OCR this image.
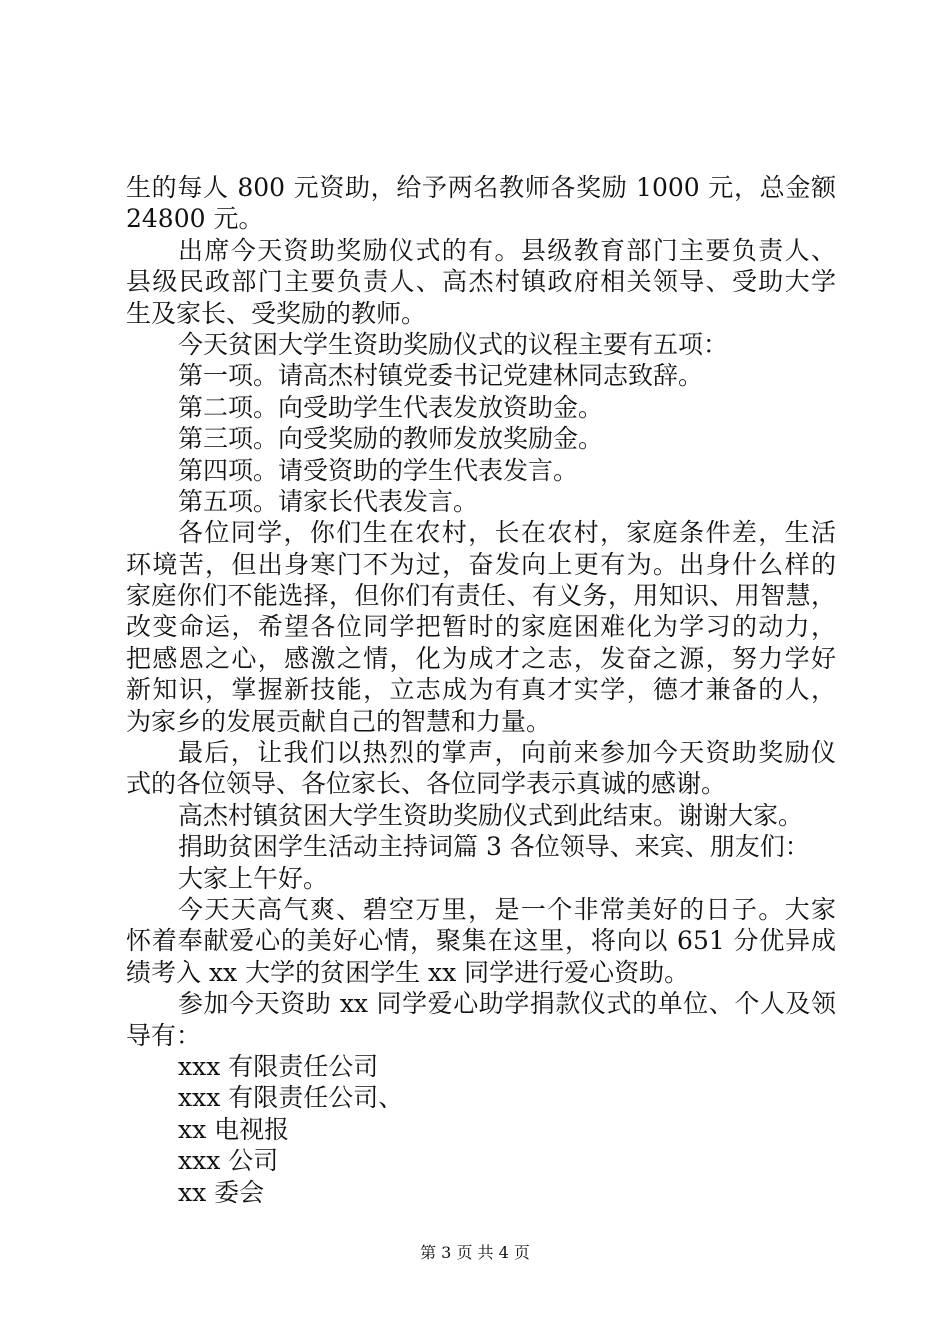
生的每人 800 元资助，给予两名教师各奖励 1000 元，总金额
24800 元。
出席今天资助奖励仪式的有。县级教育部门主要负责人、
县级民政部门主要负责人、高杰村镇政府相关领导、受助大学
生及家长、受奖励的教师。
今天贫困大学生资助奖励仪式的议程主要有五项：
第一项。请高杰村镇党委书记党建林同志致辞。
第二项。向受助学生代表发放资助金。
第三项。向受奖励的教师发放奖励金。
第四项。请受资助的学生代表发言。
第五项。请家长代表发言。
各位同学，你们生在农村，长在农村，家庭条件差，生活
环境苦，但出身寒门不为过，奋发向上更有为。出身什么样的
家庭你们不能选择，但你们有责任、有义务，用知识、用智慧，
改变命运，希望各位同学把暂时的家庭困难化为学习的动力，
把感恩之心，感激之情，化为成才之志，发奋之源，努力学好
新知识，掌握新技能，立志成为有真才实学，德才兼备的人，
为家乡的发展贡献自己的智慧和力量。
最后，让我们以热烈的掌声，向前来参加今天资助奖励仪
式的各位领导、各位家长、各位同学表示真诚的感谢。
高杰村镇贫困大学生资助奖励仪式到此结束。谢谢大家。
捐助贫困学生活动主持词篇 3 各位领导、来宾、朋友们：
大家上午好。
今天天高气爽、碧空万里，是一个非常美好的日子。大家
怀着奉献爱心的美好心情，聚集在这里，将向以 651 分优异成
绩考入 xx 大学的贫困学生 xx 同学进行爱心资助。
参加今天资助 xx 同学爱心助学捐款仪式的单位、个人及领
导有：
xxx 有限责任公司
xxx 有限责任公司、
xx 电视报
xxx 公司
xx 委会
第 3 页 共 4 页
